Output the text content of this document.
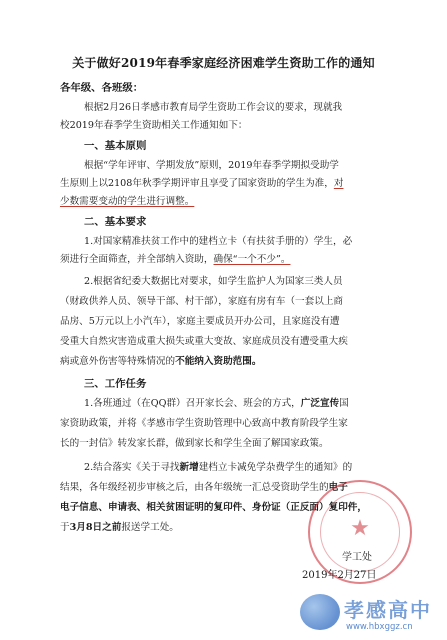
关于做好2019年春季家庭经济困难学生资助工作的通知
各年级、各班级：
根据2月26日孝感市教育局学生资助工作会议的要求，现就我
校2019年春季学生资助相关工作通知如下：
一、基本原则
根据“学年评审、学期发放”原则，2019年春季学期拟受助学
生原则上以2108年秋季学期评审且享受了国家资助的学生为准，对
少数需要变动的学生进行调整。
二、基本要求
1.对国家精准扶贫工作中的建档立卡（有扶贫手册的）学生，必
须进行全面筛查，并全部纳入资助，确保“一个不少”。
2.根据省纪委大数据比对要求，如学生监护人为国家三类人员
（财政供养人员、领导干部、村干部），家庭有房有车（一套以上商
品房、5万元以上小汽车），家庭主要成员开办公司，且家庭没有遭
受重大自然灾害造成重大损失或重大变故、家庭成员没有遭受重大疾
病或意外伤害等特殊情况的不能纳入资助范围。
三、工作任务
1.各班通过（在QQ群）召开家长会、班会的方式，广泛宣传国
家资助政策，并将《孝感市学生资助管理中心致高中教育阶段学生家
长的一封信》转发家长群，做到家长和学生全面了解国家政策。
2.结合落实《关于寻找新增建档立卡减免学杂费学生的通知》的
结果，各年级经初步审核之后，由各年级统一汇总受资助学生的电子
电子信息、申请表、相关贫困证明的复印件、身份证（正反面）复印件，
于3月8日之前报送学工处。	★
学工处
2019年2月27日
孝感高中
www.hbxggz.cn
